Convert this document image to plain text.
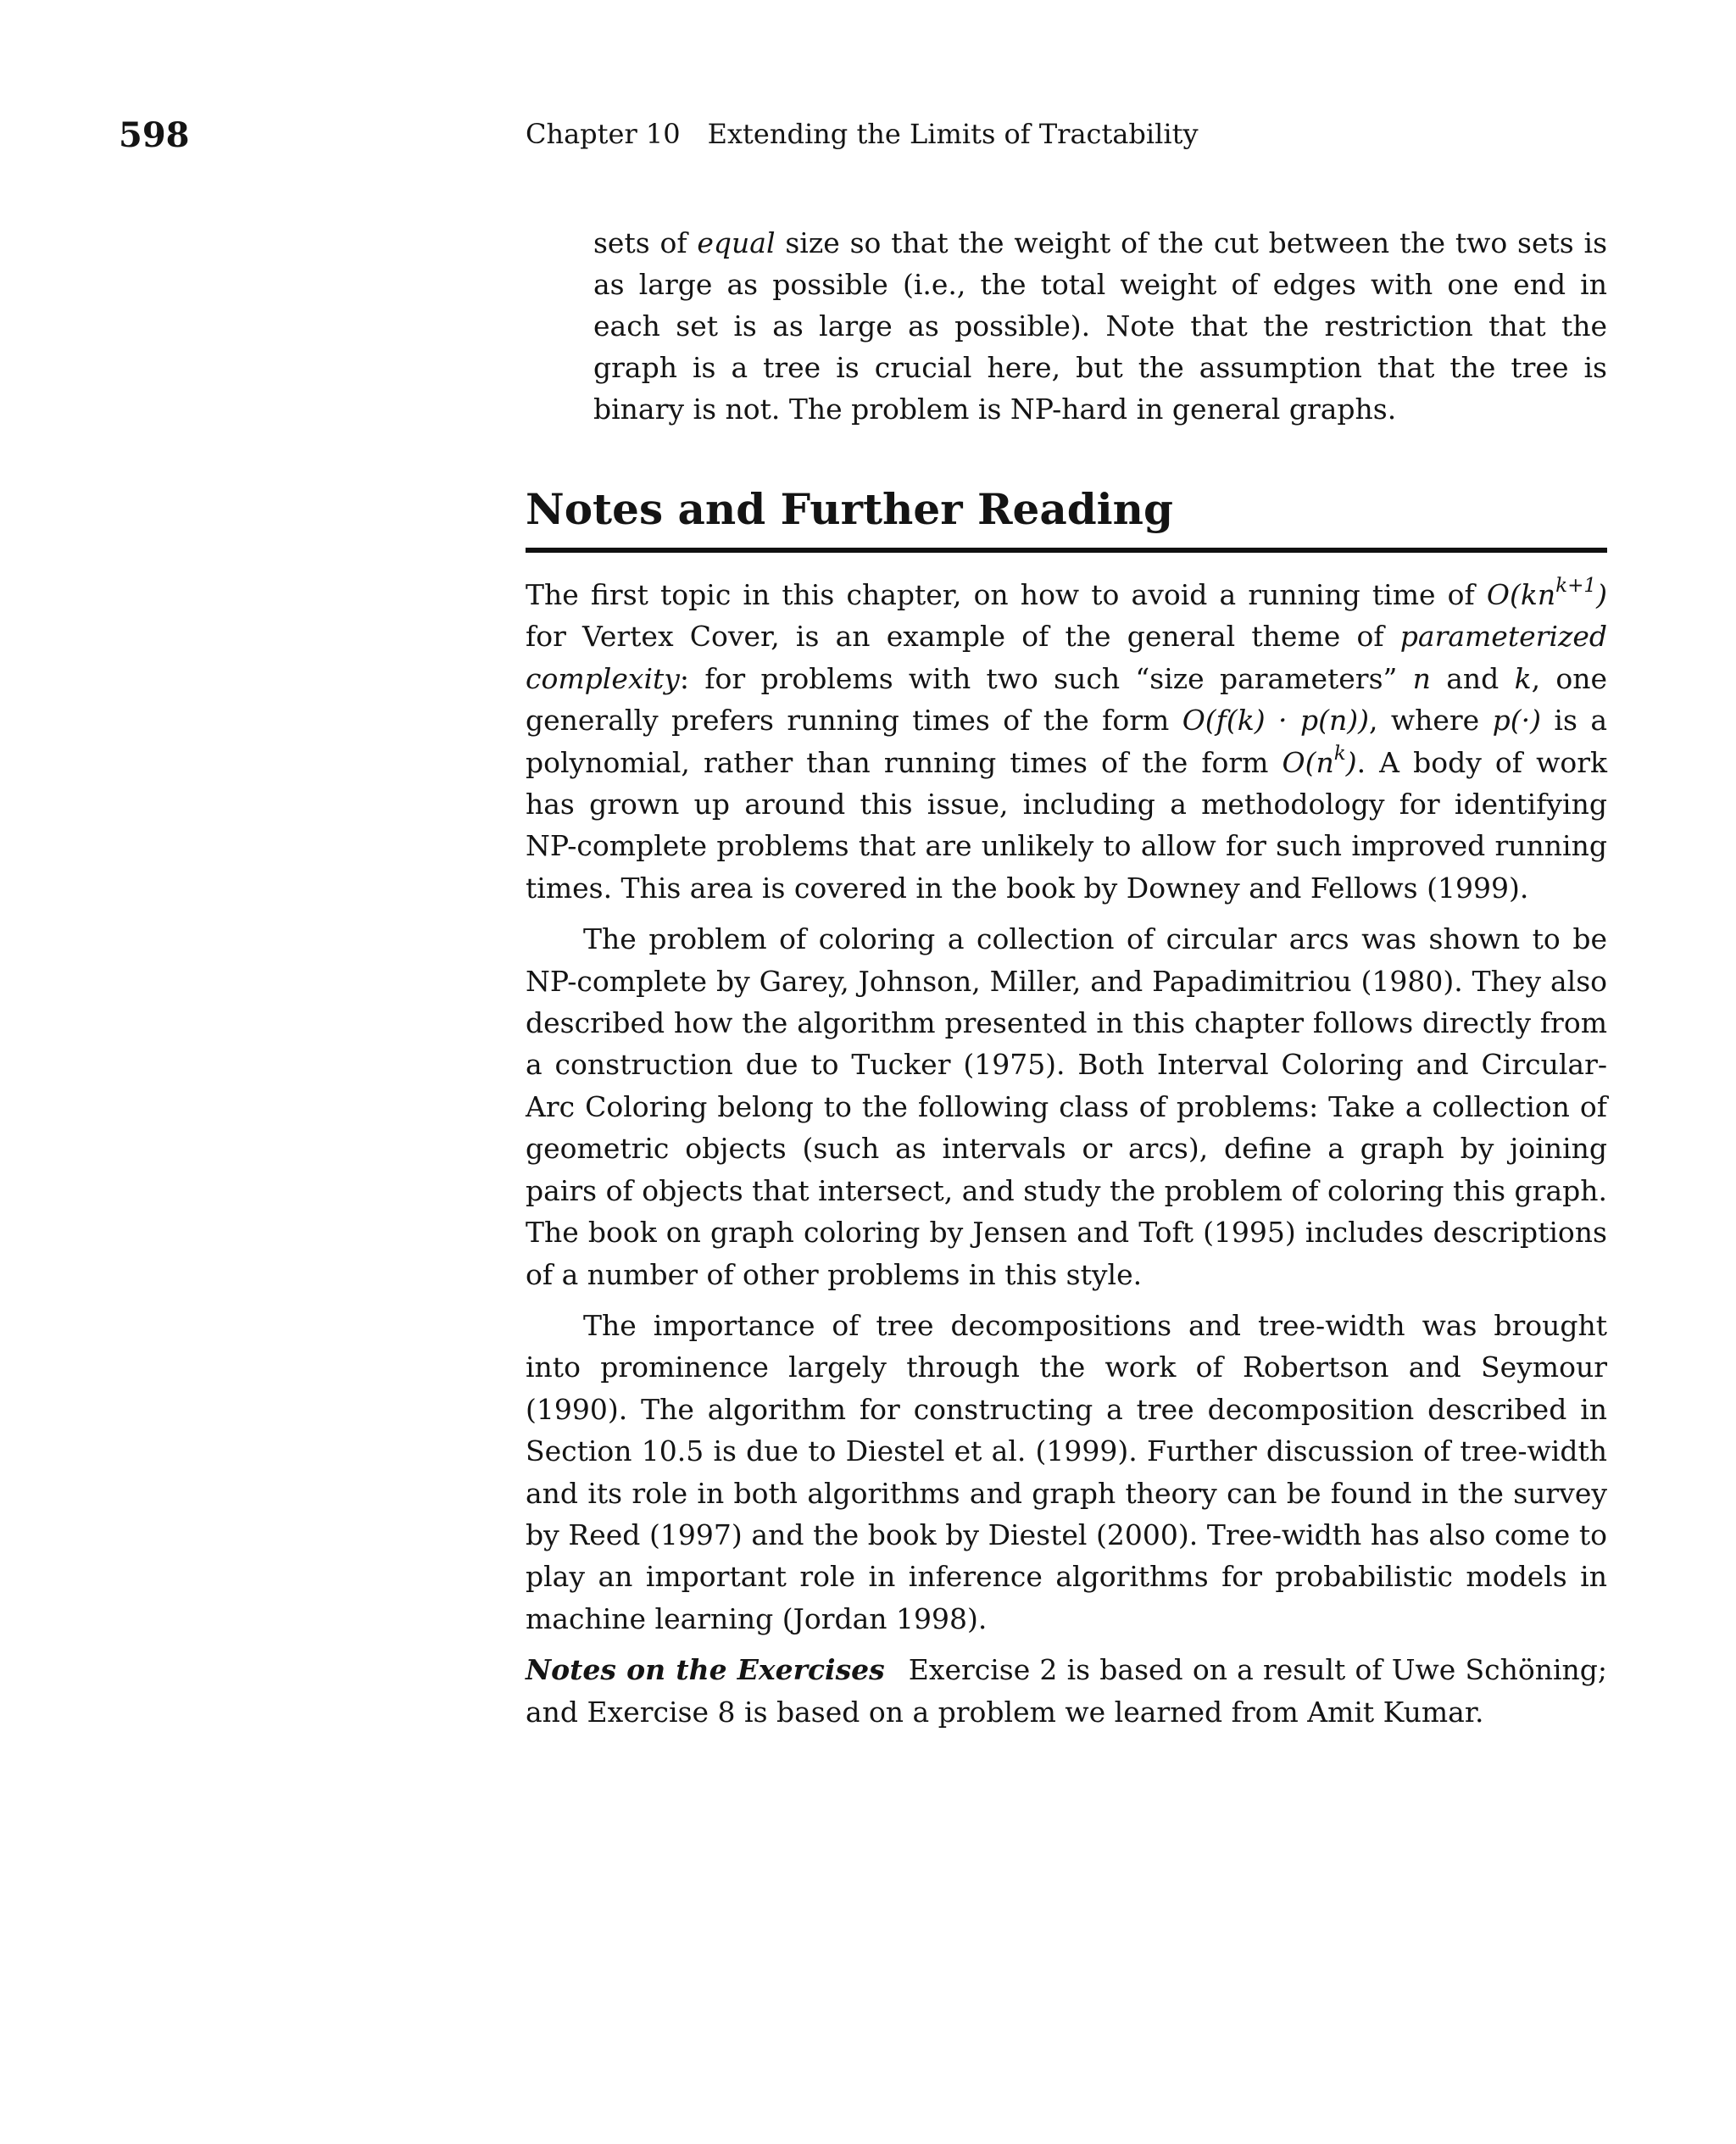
598	Chapter 10 Extending the Limits of Tractability

sets of equal size so that the weight of the cut between the two sets is as large as possible (i.e., the total weight of edges with one end in each set is as large as possible). Note that the restriction that the graph is a tree is crucial here, but the assumption that the tree is binary is not. The problem is NP-hard in general graphs.

Notes and Further Reading

The first topic in this chapter, on how to avoid a running time of $O(kn^{k+1})$ for Vertex Cover, is an example of the general theme of parameterized complexity: for problems with two such “size parameters” n and k, one generally prefers running times of the form O(f(k) · p(n)), where p(·) is a polynomial, rather than running times of the form $O(n^k)$. A body of work has grown up around this issue, including a methodology for identifying NP-complete problems that are unlikely to allow for such improved running times. This area is covered in the book by Downey and Fellows (1999).

The problem of coloring a collection of circular arcs was shown to be NP-complete by Garey, Johnson, Miller, and Papadimitriou (1980). They also described how the algorithm presented in this chapter follows directly from a construction due to Tucker (1975). Both Interval Coloring and Circular-Arc Coloring belong to the following class of problems: Take a collection of geometric objects (such as intervals or arcs), define a graph by joining pairs of objects that intersect, and study the problem of coloring this graph. The book on graph coloring by Jensen and Toft (1995) includes descriptions of a number of other problems in this style.

The importance of tree decompositions and tree-width was brought into prominence largely through the work of Robertson and Seymour (1990). The algorithm for constructing a tree decomposition described in Section 10.5 is due to Diestel et al. (1999). Further discussion of tree-width and its role in both algorithms and graph theory can be found in the survey by Reed (1997) and the book by Diestel (2000). Tree-width has also come to play an important role in inference algorithms for probabilistic models in machine learning (Jordan 1998).

Notes on the Exercises Exercise 2 is based on a result of Uwe Schöning; and Exercise 8 is based on a problem we learned from Amit Kumar.
